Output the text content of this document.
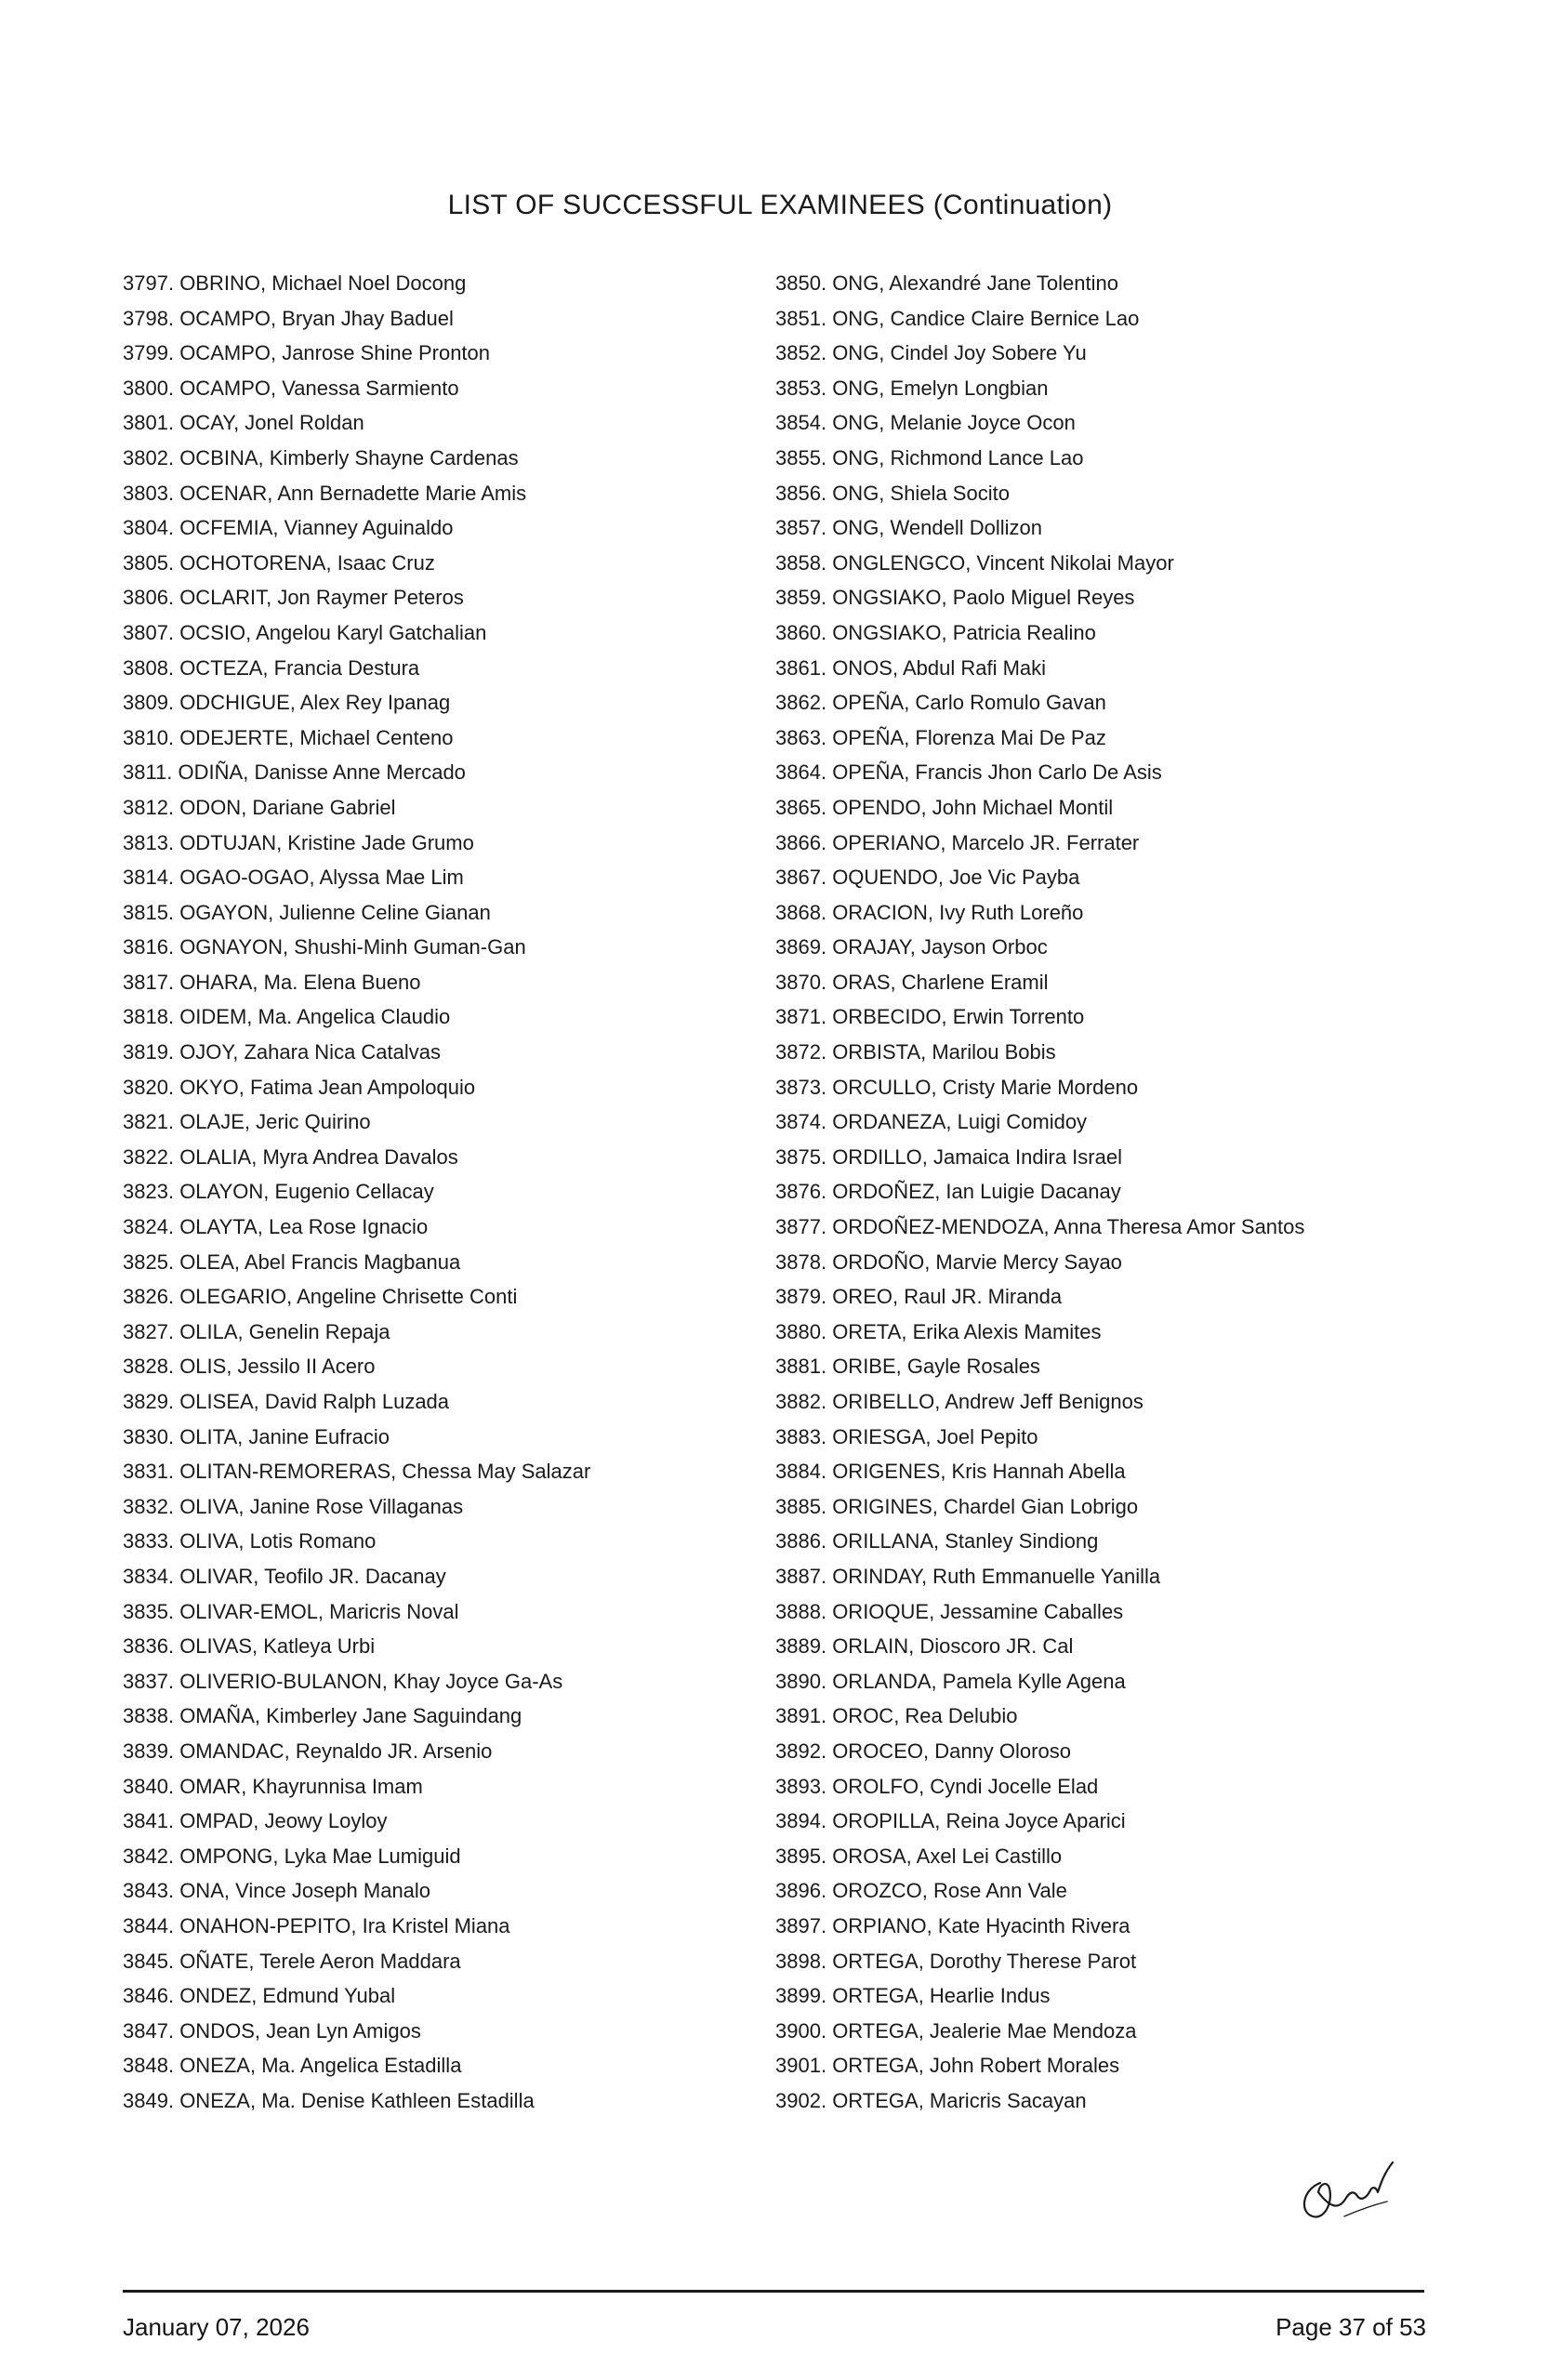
LIST OF SUCCESSFUL EXAMINEES (Continuation)
3797. OBRINO, Michael Noel Docong
3798. OCAMPO, Bryan Jhay Baduel
3799. OCAMPO, Janrose Shine Pronton
3800. OCAMPO, Vanessa Sarmiento
3801. OCAY, Jonel Roldan
3802. OCBINA, Kimberly Shayne Cardenas
3803. OCENAR, Ann Bernadette Marie Amis
3804. OCFEMIA, Vianney Aguinaldo
3805. OCHOTORENA, Isaac Cruz
3806. OCLARIT, Jon Raymer Peteros
3807. OCSIO, Angelou Karyl Gatchalian
3808. OCTEZA, Francia Destura
3809. ODCHIGUE, Alex Rey Ipanag
3810. ODEJERTE, Michael Centeno
3811. ODIÑA, Danisse Anne Mercado
3812. ODON, Dariane Gabriel
3813. ODTUJAN, Kristine Jade Grumo
3814. OGAO-OGAO, Alyssa Mae Lim
3815. OGAYON, Julienne Celine Gianan
3816. OGNAYON, Shushi-Minh Guman-Gan
3817. OHARA, Ma. Elena Bueno
3818. OIDEM, Ma. Angelica Claudio
3819. OJOY, Zahara Nica Catalvas
3820. OKYO, Fatima Jean Ampoloquio
3821. OLAJE, Jeric Quirino
3822. OLALIA, Myra Andrea Davalos
3823. OLAYON, Eugenio Cellacay
3824. OLAYTA, Lea Rose Ignacio
3825. OLEA, Abel Francis Magbanua
3826. OLEGARIO, Angeline Chrisette Conti
3827. OLILA, Genelin Repaja
3828. OLIS, Jessilo II Acero
3829. OLISEA, David Ralph Luzada
3830. OLITA, Janine Eufracio
3831. OLITAN-REMORERAS, Chessa May Salazar
3832. OLIVA, Janine Rose Villaganas
3833. OLIVA, Lotis Romano
3834. OLIVAR, Teofilo JR. Dacanay
3835. OLIVAR-EMOL, Maricris Noval
3836. OLIVAS, Katleya Urbi
3837. OLIVERIO-BULANON, Khay Joyce Ga-As
3838. OMAÑA, Kimberley Jane Saguindang
3839. OMANDAC, Reynaldo JR. Arsenio
3840. OMAR, Khayrunnisa Imam
3841. OMPAD, Jeowy Loyloy
3842. OMPONG, Lyka Mae Lumiguid
3843. ONA, Vince Joseph Manalo
3844. ONAHON-PEPITO, Ira Kristel Miana
3845. OÑATE, Terele Aeron Maddara
3846. ONDEZ, Edmund Yubal
3847. ONDOS, Jean Lyn Amigos
3848. ONEZA, Ma. Angelica Estadilla
3849. ONEZA, Ma. Denise Kathleen Estadilla
3850. ONG, Alexandré Jane Tolentino
3851. ONG, Candice Claire Bernice Lao
3852. ONG, Cindel Joy Sobere Yu
3853. ONG, Emelyn Longbian
3854. ONG, Melanie Joyce Ocon
3855. ONG, Richmond Lance Lao
3856. ONG, Shiela Socito
3857. ONG, Wendell Dollizon
3858. ONGLENGCO, Vincent Nikolai Mayor
3859. ONGSIAKO, Paolo Miguel Reyes
3860. ONGSIAKO, Patricia Realino
3861. ONOS, Abdul Rafi Maki
3862. OPEÑA, Carlo Romulo Gavan
3863. OPEÑA, Florenza Mai De Paz
3864. OPEÑA, Francis Jhon Carlo De Asis
3865. OPENDO, John Michael Montil
3866. OPERIANO, Marcelo JR. Ferrater
3867. OQUENDO, Joe Vic Payba
3868. ORACION, Ivy Ruth Loreño
3869. ORAJAY, Jayson Orboc
3870. ORAS, Charlene Eramil
3871. ORBECIDO, Erwin Torrento
3872. ORBISTA, Marilou Bobis
3873. ORCULLO, Cristy Marie Mordeno
3874. ORDANEZA, Luigi Comidoy
3875. ORDILLO, Jamaica Indira Israel
3876. ORDOÑEZ, Ian Luigie Dacanay
3877. ORDOÑEZ-MENDOZA, Anna Theresa Amor Santos
3878. ORDOÑO, Marvie Mercy Sayao
3879. OREO, Raul JR. Miranda
3880. ORETA, Erika Alexis Mamites
3881. ORIBE, Gayle Rosales
3882. ORIBELLO, Andrew Jeff Benignos
3883. ORIESGA, Joel Pepito
3884. ORIGENES, Kris Hannah Abella
3885. ORIGINES, Chardel Gian Lobrigo
3886. ORILLANA, Stanley Sindiong
3887. ORINDAY, Ruth Emmanuelle Yanilla
3888. ORIOQUE, Jessamine Caballes
3889. ORLAIN, Dioscoro JR. Cal
3890. ORLANDA, Pamela Kylle Agena
3891. OROC, Rea Delubio
3892. OROCEO, Danny Oloroso
3893. OROLFO, Cyndi Jocelle Elad
3894. OROPILLA, Reina Joyce Aparici
3895. OROSA, Axel Lei Castillo
3896. OROZCO, Rose Ann Vale
3897. ORPIANO, Kate Hyacinth Rivera
3898. ORTEGA, Dorothy Therese Parot
3899. ORTEGA, Hearlie Indus
3900. ORTEGA, Jealerie Mae Mendoza
3901. ORTEGA, John Robert Morales
3902. ORTEGA, Maricris Sacayan
January 07, 2026	Page 37 of 53
